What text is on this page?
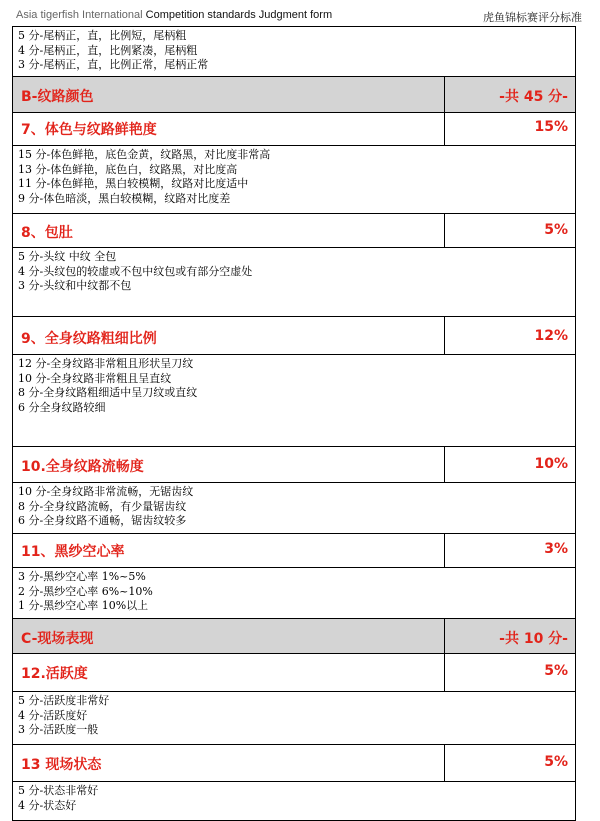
Asia tigerfish International Competition standards Judgment form	虎鱼锦标赛评分标准
5 分-尾柄正，直，比例短，尾柄粗
4 分-尾柄正，直，比例紧凑，尾柄粗
3 分-尾柄正，直，比例正常，尾柄正常
B-纹路颜色	-共 45 分-
7、体色与纹路鲜艳度	15%
15 分-体色鲜艳，底色金黄，纹路黑，对比度非常高
13 分-体色鲜艳，底色白，纹路黑，对比度高
11 分-体色鲜艳，黑白较模糊，纹路对比度适中
9 分-体色暗淡，黑白较模糊，纹路对比度差
8、包肚	5%
5 分-头纹 中纹 全包
4 分-头纹包的较虚或不包中纹包或有部分空虚处
3 分-头纹和中纹都不包
9、全身纹路粗细比例	12%
12 分-全身纹路非常粗且形状呈刀纹
10 分-全身纹路非常粗且呈直纹
8 分-全身纹路粗细适中呈刀纹或直纹
6 分全身纹路较细
10.全身纹路流畅度	10%
10 分-全身纹路非常流畅，无锯齿纹
8 分-全身纹路流畅，有少量锯齿纹
6 分-全身纹路不通畅，锯齿纹较多
11、黑纱空心率	3%
3 分-黑纱空心率 1%~5%
2 分-黑纱空心率 6%~10%
1 分-黑纱空心率 10%以上
C-现场表现	-共 10 分-
12.活跃度	5%
5 分-活跃度非常好
4 分-活跃度好
3 分-活跃度一般
13 现场状态	5%
5 分-状态非常好
4 分-状态好
